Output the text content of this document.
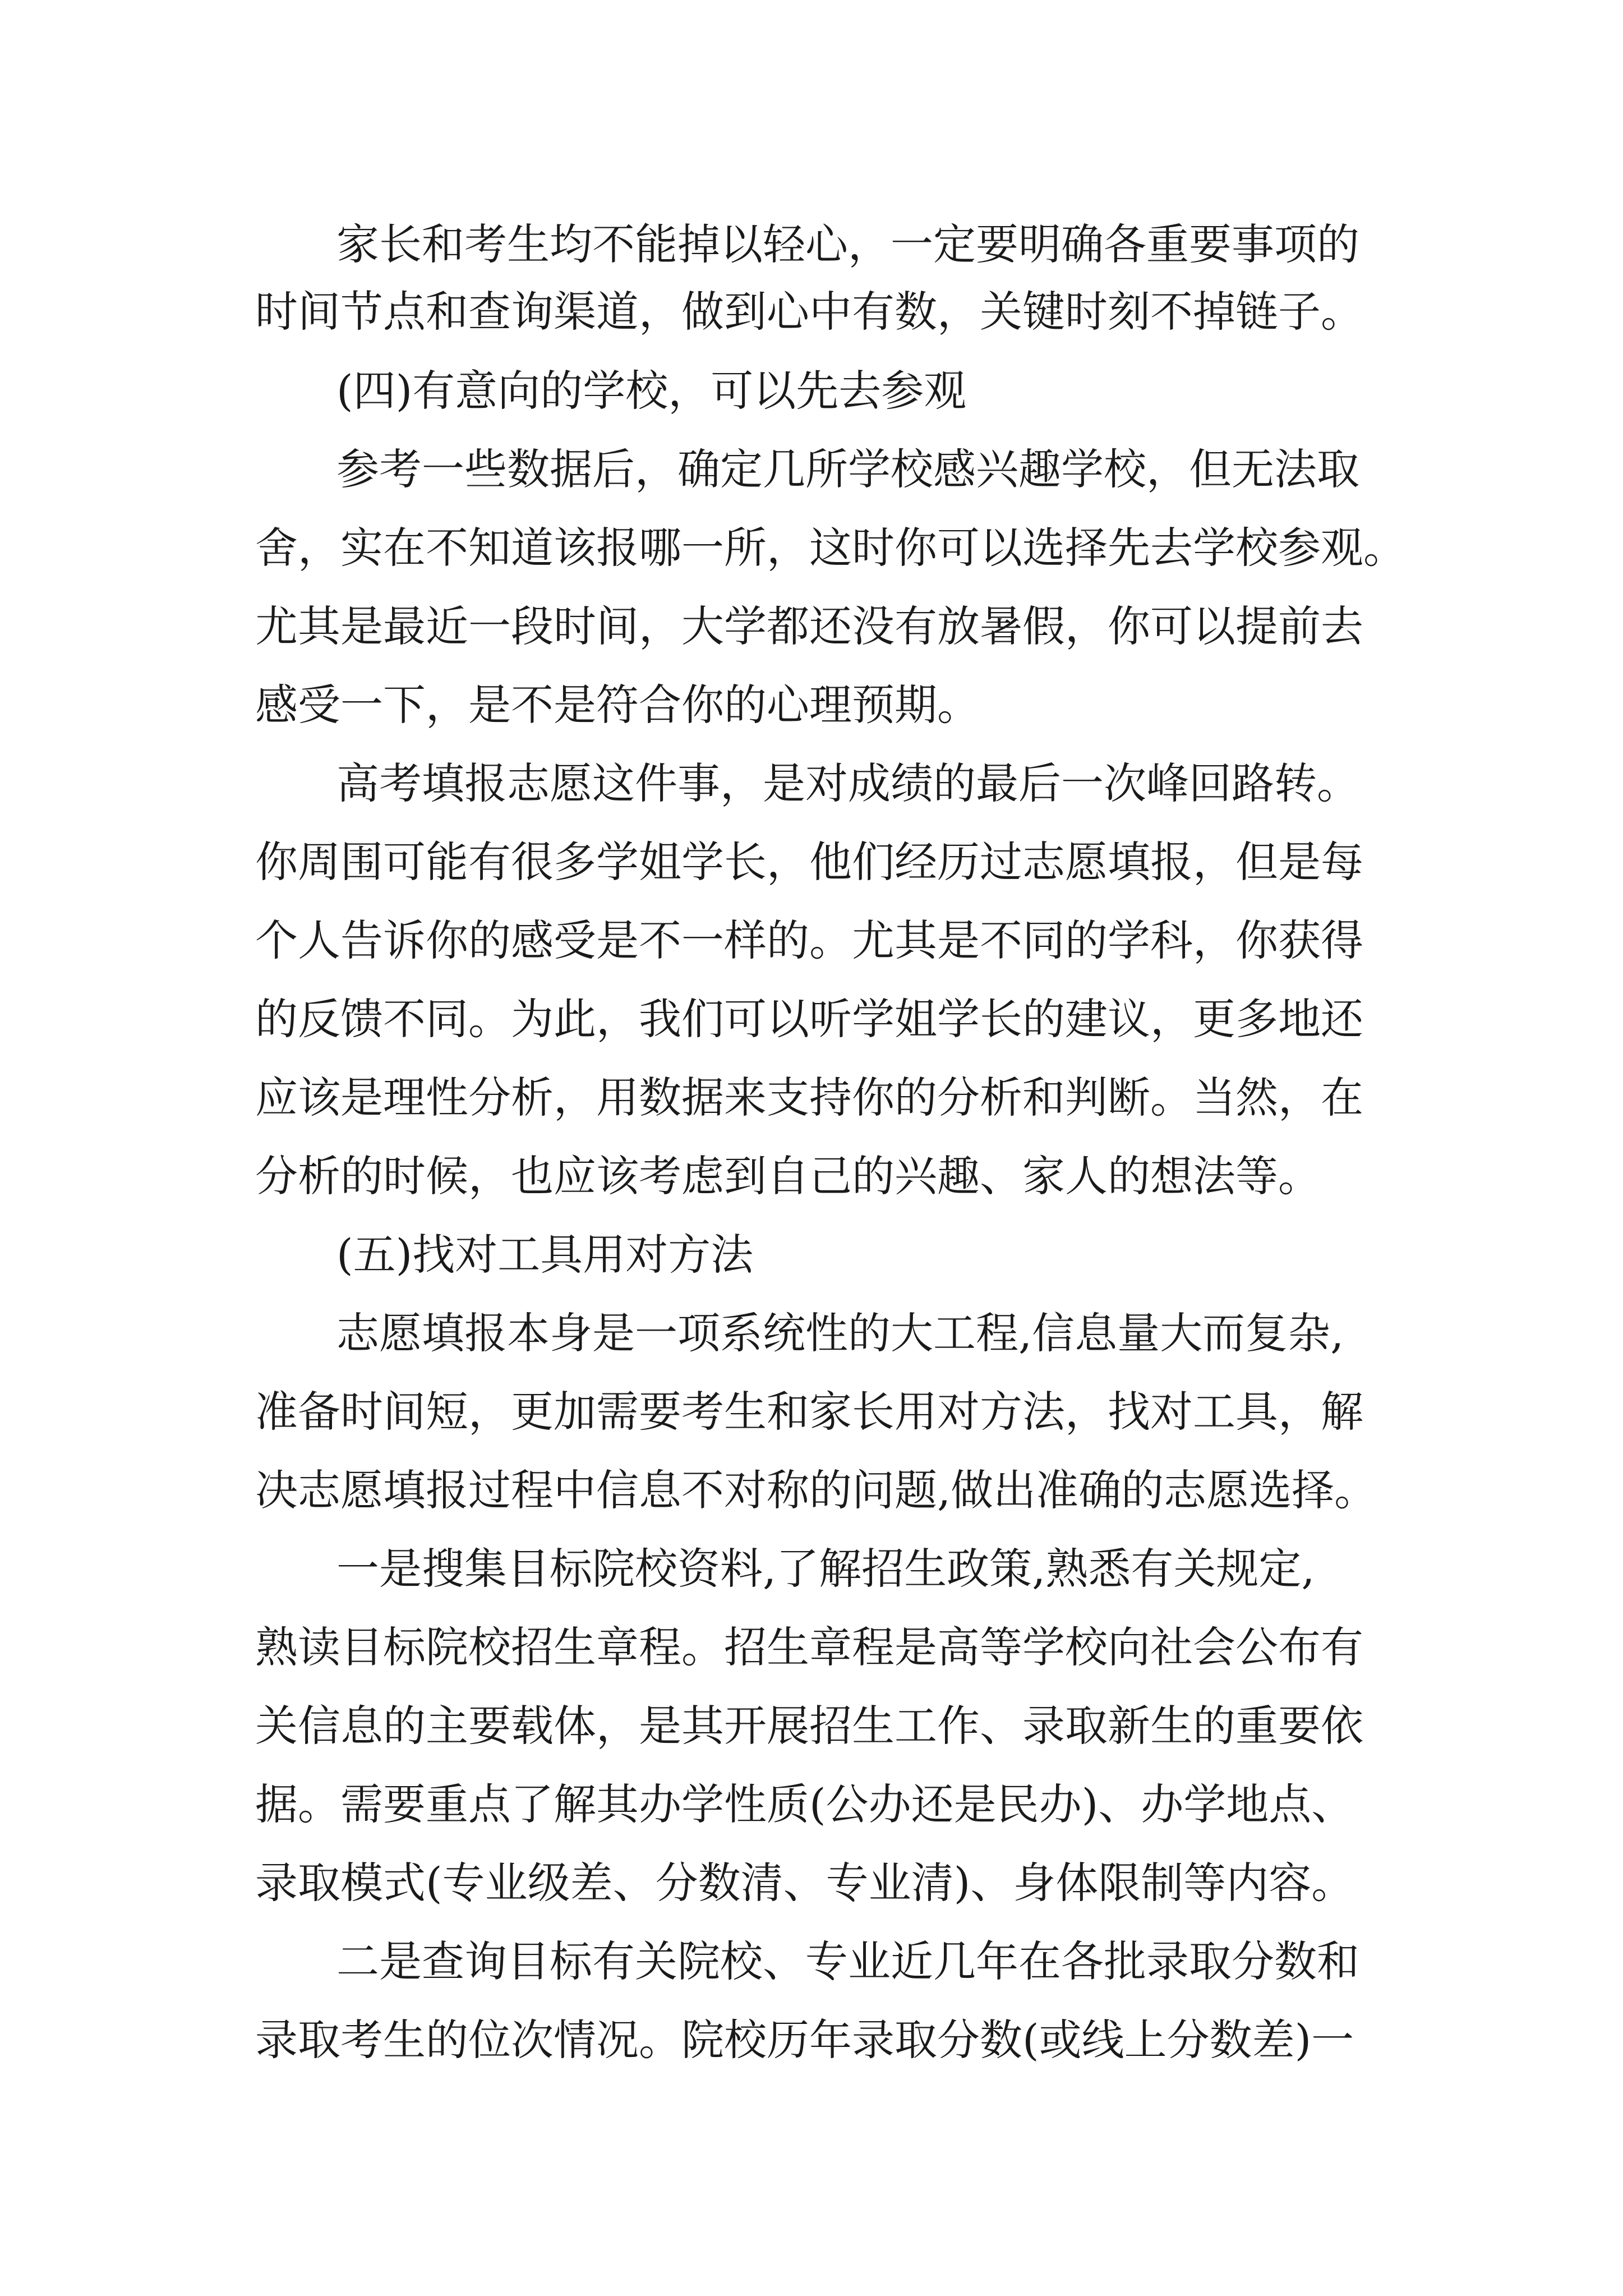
家长和考生均不能掉以轻心，一定要明确各重要事项的
时间节点和查询渠道，做到心中有数，关键时刻不掉链子。
(四)有意向的学校，可以先去参观
参考一些数据后，确定几所学校感兴趣学校，但无法取
舍，实在不知道该报哪一所，这时你可以选择先去学校参观。
尤其是最近一段时间，大学都还没有放暑假，你可以提前去
感受一下，是不是符合你的心理预期。
高考填报志愿这件事，是对成绩的最后一次峰回路转。
你周围可能有很多学姐学长，他们经历过志愿填报，但是每
个人告诉你的感受是不一样的。尤其是不同的学科，你获得
的反馈不同。为此，我们可以听学姐学长的建议，更多地还
应该是理性分析，用数据来支持你的分析和判断。当然，在
分析的时候，也应该考虑到自己的兴趣、家人的想法等。
(五)找对工具用对方法
志愿填报本身是一项系统性的大工程,信息量大而复杂,
准备时间短，更加需要考生和家长用对方法，找对工具，解
决志愿填报过程中信息不对称的问题,做出准确的志愿选择。
一是搜集目标院校资料,了解招生政策,熟悉有关规定,
熟读目标院校招生章程。招生章程是高等学校向社会公布有
关信息的主要载体，是其开展招生工作、录取新生的重要依
据。需要重点了解其办学性质(公办还是民办)、办学地点、
录取模式(专业级差、分数清、专业清)、身体限制等内容。
二是查询目标有关院校、专业近几年在各批录取分数和
录取考生的位次情况。院校历年录取分数(或线上分数差)一
